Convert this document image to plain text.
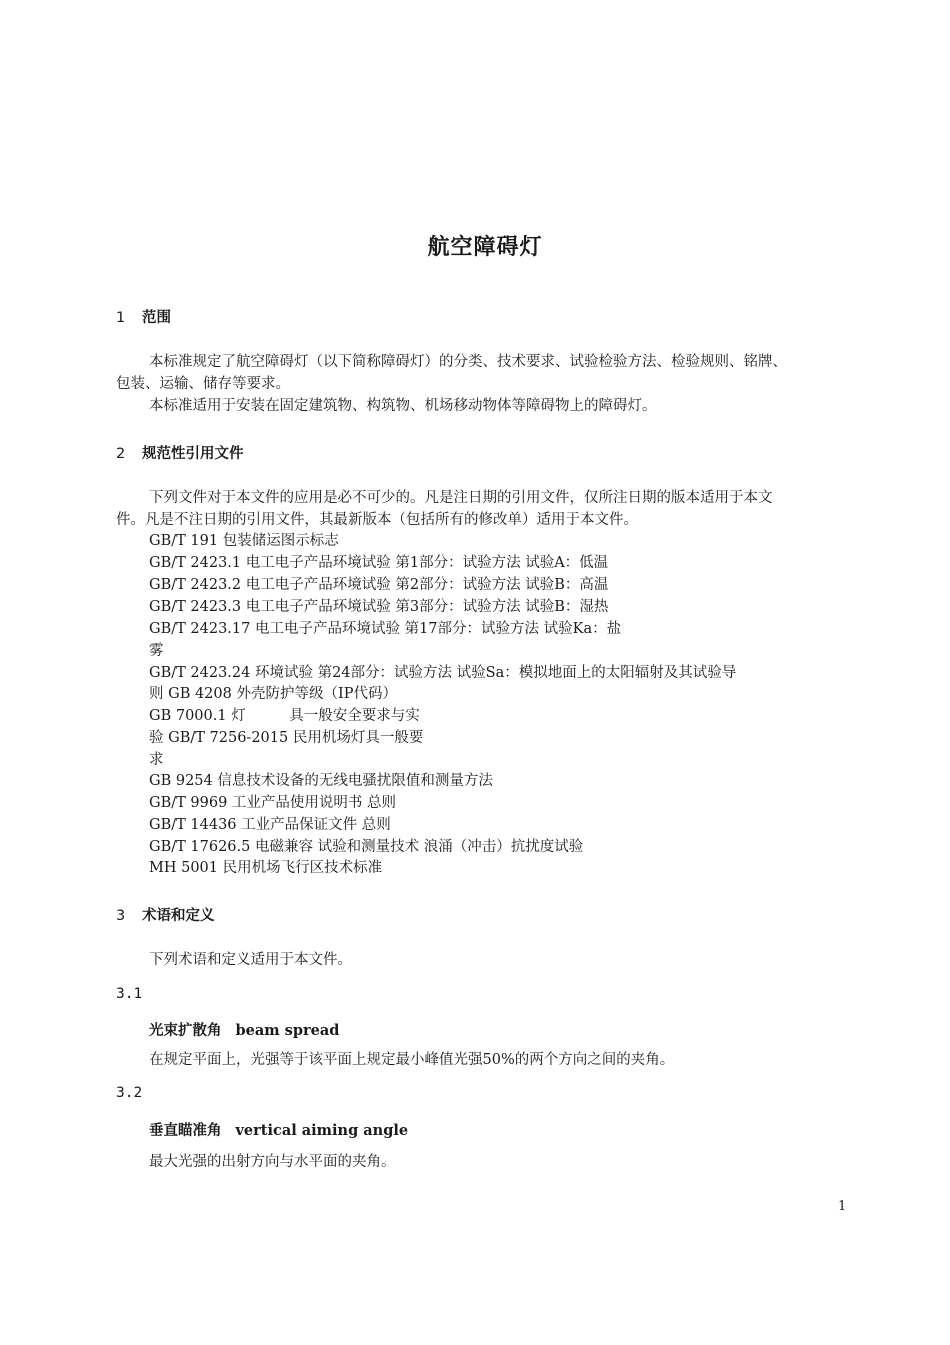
航空障碍灯
1 范围
本标准规定了航空障碍灯（以下简称障碍灯）的分类、技术要求、试验检验方法、检验规则、铭牌、
包装、运输、储存等要求。
本标准适用于安装在固定建筑物、构筑物、机场移动物体等障碍物上的障碍灯。
2 规范性引用文件
下列文件对于本文件的应用是必不可少的。凡是注日期的引用文件，仅所注日期的版本适用于本文
件。凡是不注日期的引用文件，其最新版本（包括所有的修改单）适用于本文件。
GB/T 191 包装储运图示标志
GB/T 2423.1 电工电子产品环境试验 第1部分：试验方法 试验A：低温
GB/T 2423.2 电工电子产品环境试验 第2部分：试验方法 试验B：高温
GB/T 2423.3 电工电子产品环境试验 第3部分：试验方法 试验B：湿热
GB/T 2423.17 电工电子产品环境试验 第17部分：试验方法 试验Ka：盐
雾
GB/T 2423.24 环境试验 第24部分：试验方法 试验Sa：模拟地面上的太阳辐射及其试验导
则 GB 4208 外壳防护等级（IP代码）
GB 7000.1 灯　　　具一般安全要求与实
验 GB/T 7256-2015 民用机场灯具一般要
求
GB 9254 信息技术设备的无线电骚扰限值和测量方法
GB/T 9969 工业产品使用说明书 总则
GB/T 14436 工业产品保证文件 总则
GB/T 17626.5 电磁兼容 试验和测量技术 浪涌（冲击）抗扰度试验
MH 5001 民用机场飞行区技术标准
3 术语和定义
下列术语和定义适用于本文件。
3.1
光束扩散角 beam spread
在规定平面上，光强等于该平面上规定最小峰值光强50%的两个方向之间的夹角。
3.2
垂直瞄准角 vertical aiming angle
最大光强的出射方向与水平面的夹角。
1
